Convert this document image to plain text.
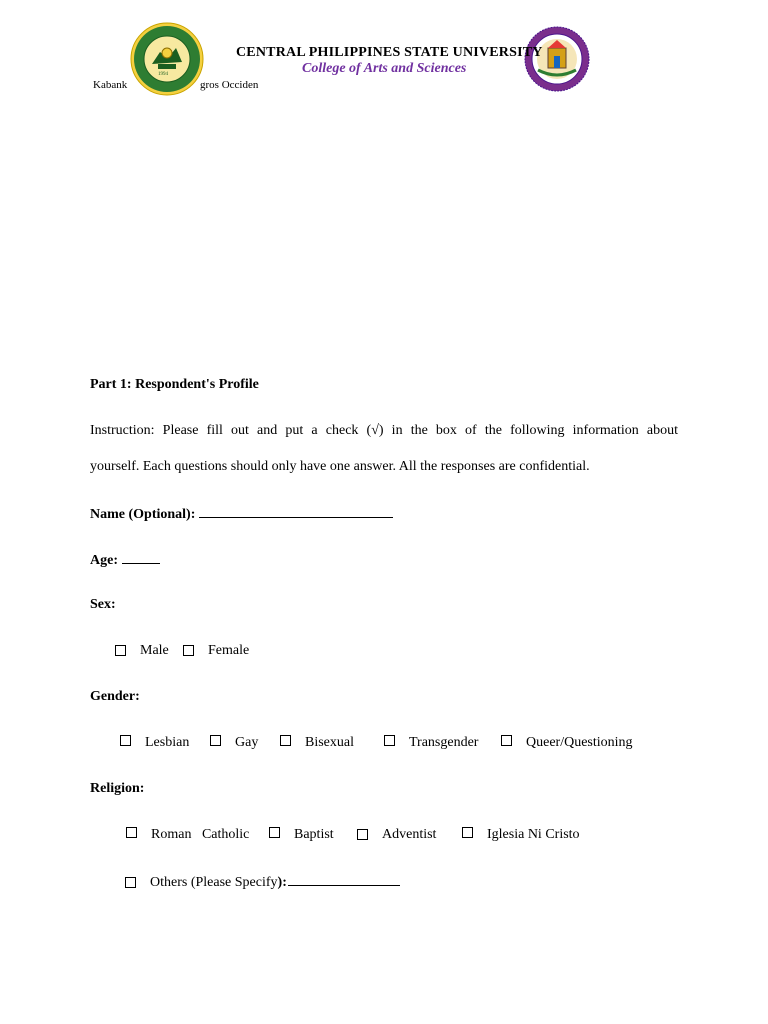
1994
CENTRAL PHILIPPINES STATE UNIVERSITY
College of Arts and Sciences
Kabank	gros Occiden
Part 1: Respondent's Profile
Instruction: Please fill out and put a check (√) in the box of the following information about
yourself. Each questions should only have one answer. All the responses are confidential.
Name (Optional):
Age:
Sex:
Male	Female
Gender:
Lesbian	Gay	Bisexual	Transgender	Queer/Questioning
Religion:
Roman   Catholic	Baptist	Adventist	Iglesia Ni Cristo
Others (Please Specify):
